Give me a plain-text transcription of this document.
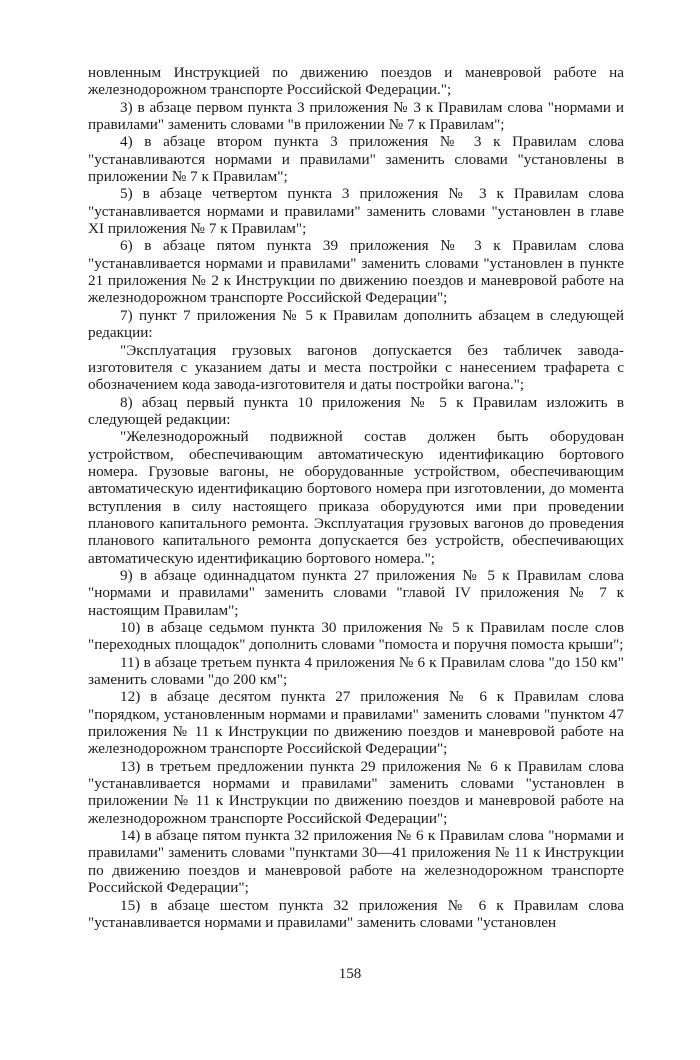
новленным Инструкцией по движению поездов и маневровой работе на железнодорожном транспорте Российской Федерации.";

3) в абзаце первом пункта 3 приложения № 3 к Правилам слова "нормами и правилами" заменить словами "в приложении № 7 к Правилам";

4) в абзаце втором пункта 3 приложения № 3 к Правилам слова "устанавливаются нормами и правилами" заменить словами "установлены в приложении № 7 к Правилам";

5) в абзаце четвертом пункта 3 приложения № 3 к Правилам слова "устанавливается нормами и правилами" заменить словами "установлен в главе XI приложения № 7 к Правилам";

6) в абзаце пятом пункта 39 приложения № 3 к Правилам слова "устанавливается нормами и правилами" заменить словами "установлен в пункте 21 приложения № 2 к Инструкции по движению поездов и маневровой работе на железнодорожном транспорте Российской Федерации";

7) пункт 7 приложения № 5 к Правилам дополнить абзацем в следующей редакции:

"Эксплуатация грузовых вагонов допускается без табличек завода-изготовителя с указанием даты и места постройки с нанесением трафарета с обозначением кода завода-изготовителя и даты постройки вагона.";

8) абзац первый пункта 10 приложения № 5 к Правилам изложить в следующей редакции:

"Железнодорожный подвижной состав должен быть оборудован устройством, обеспечивающим автоматическую идентификацию бортового номера. Грузовые вагоны, не оборудованные устройством, обеспечивающим автоматическую идентификацию бортового номера при изготовлении, до момента вступления в силу настоящего приказа оборудуются ими при проведении планового капитального ремонта. Эксплуатация грузовых вагонов до проведения планового капитального ремонта допускается без устройств, обеспечивающих автоматическую идентификацию бортового номера.";

9) в абзаце одиннадцатом пункта 27 приложения № 5 к Правилам слова "нормами и правилами" заменить словами "главой IV приложения № 7 к настоящим Правилам";

10) в абзаце седьмом пункта 30 приложения № 5 к Правилам после слов "переходных площадок" дополнить словами "помоста и поручня помоста крыши";

11) в абзаце третьем пункта 4 приложения № 6 к Правилам слова "до 150 км" заменить словами "до 200 км";

12) в абзаце десятом пункта 27 приложения № 6 к Правилам слова "порядком, установленным нормами и правилами" заменить словами "пунктом 47 приложения № 11 к Инструкции по движению поездов и маневровой работе на железнодорожном транспорте Российской Федерации";

13) в третьем предложении пункта 29 приложения № 6 к Правилам слова "устанавливается нормами и правилами" заменить словами "установлен в приложении № 11 к Инструкции по движению поездов и маневровой работе на железнодорожном транспорте Российской Федерации";

14) в абзаце пятом пункта 32 приложения № 6 к Правилам слова "нормами и правилами" заменить словами "пунктами 30—41 приложения № 11 к Инструкции по движению поездов и маневровой работе на железнодорожном транспорте Российской Федерации";

15) в абзаце шестом пункта 32 приложения № 6 к Правилам слова "устанавливается нормами и правилами" заменить словами "установлен

158
